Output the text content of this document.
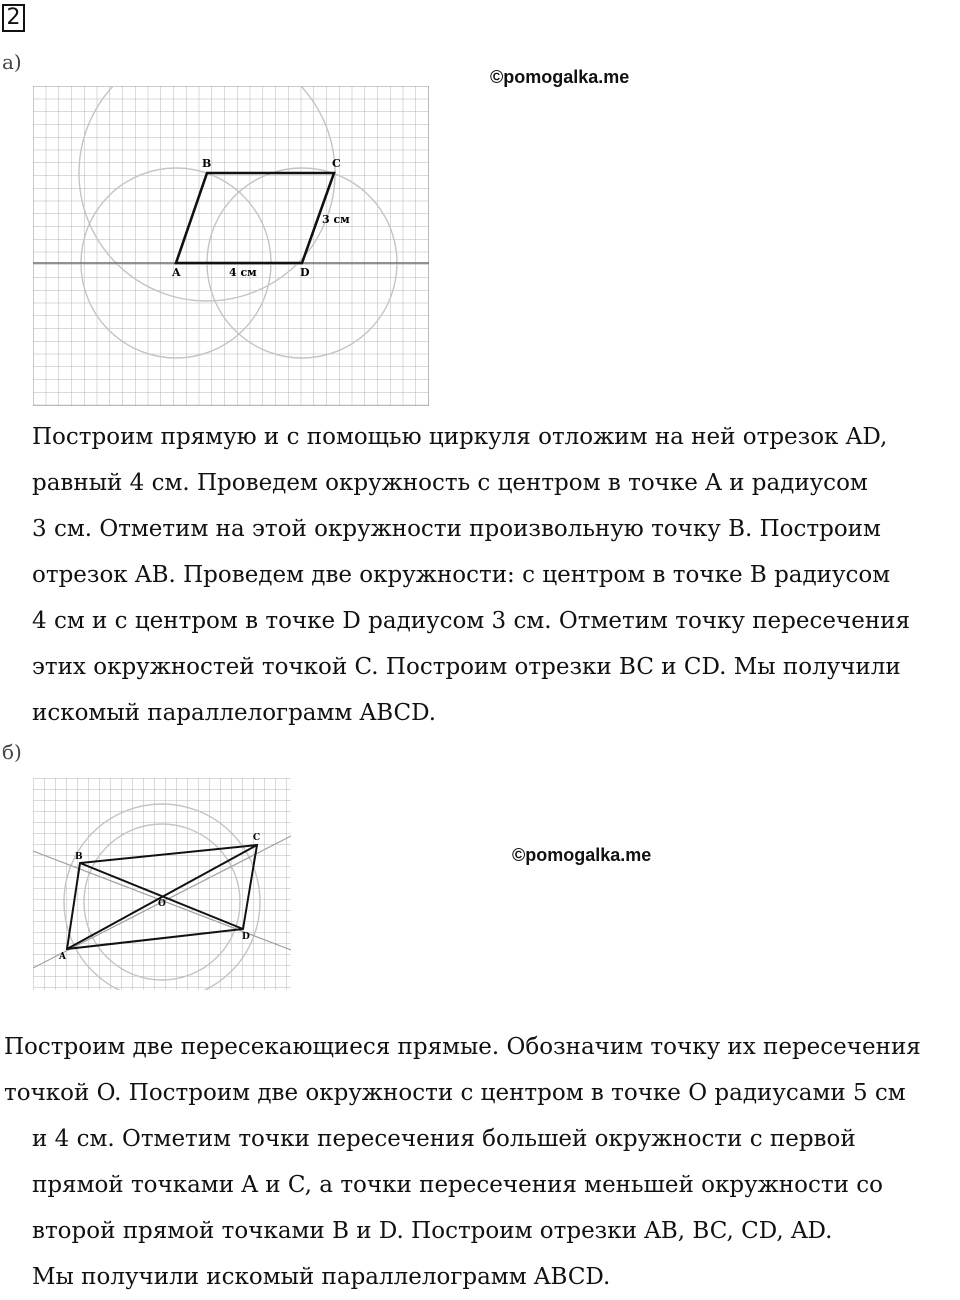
2
а)
©pomogalka.me
A
B	C
D
4 см
3 см
Построим прямую и с помощью циркуля отложим на ней отрезок AD,
равный 4 см. Проведем окружность с центром в точке A и радиусом
3 см. Отметим на этой окружности произвольную точку B. Построим
отрезок AB. Проведем две окружности: с центром в точке B радиусом
4 см и с центром в точке D радиусом 3 см. Отметим точку пересечения
этих окружностей точкой C. Построим отрезки BC и CD. Мы получили
искомый параллелограмм ABCD.
б)
©pomogalka.me
A
B
C
D
O
Построим две пересекающиеся прямые. Обозначим точку их пересечения
точкой O. Построим две окружности с центром в точке O радиусами 5 см
и 4 см. Отметим точки пересечения большей окружности с первой
прямой точками A и C, а точки пересечения меньшей окружности со
второй прямой точками B и D. Построим отрезки AB, BC, CD, AD.
Мы получили искомый параллелограмм ABCD.
